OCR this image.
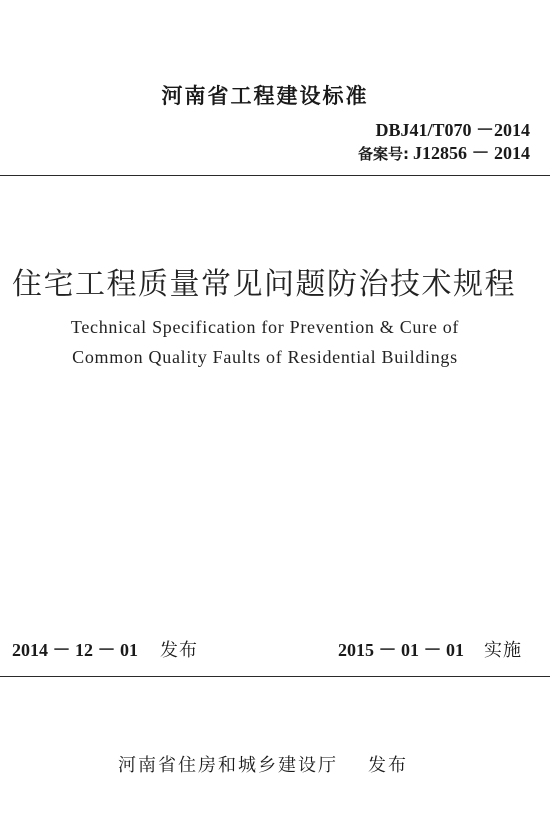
河南省工程建设标准
DBJ41/T070 －2014
备案号: J12856 － 2014
住宅工程质量常见问题防治技术规程
Technical Specification for Prevention & Cure of
Common Quality Faults of Residential Buildings
2014 － 12 － 01 发布	2015 － 01 － 01 实施
河南省住房和城乡建设厅 发布
